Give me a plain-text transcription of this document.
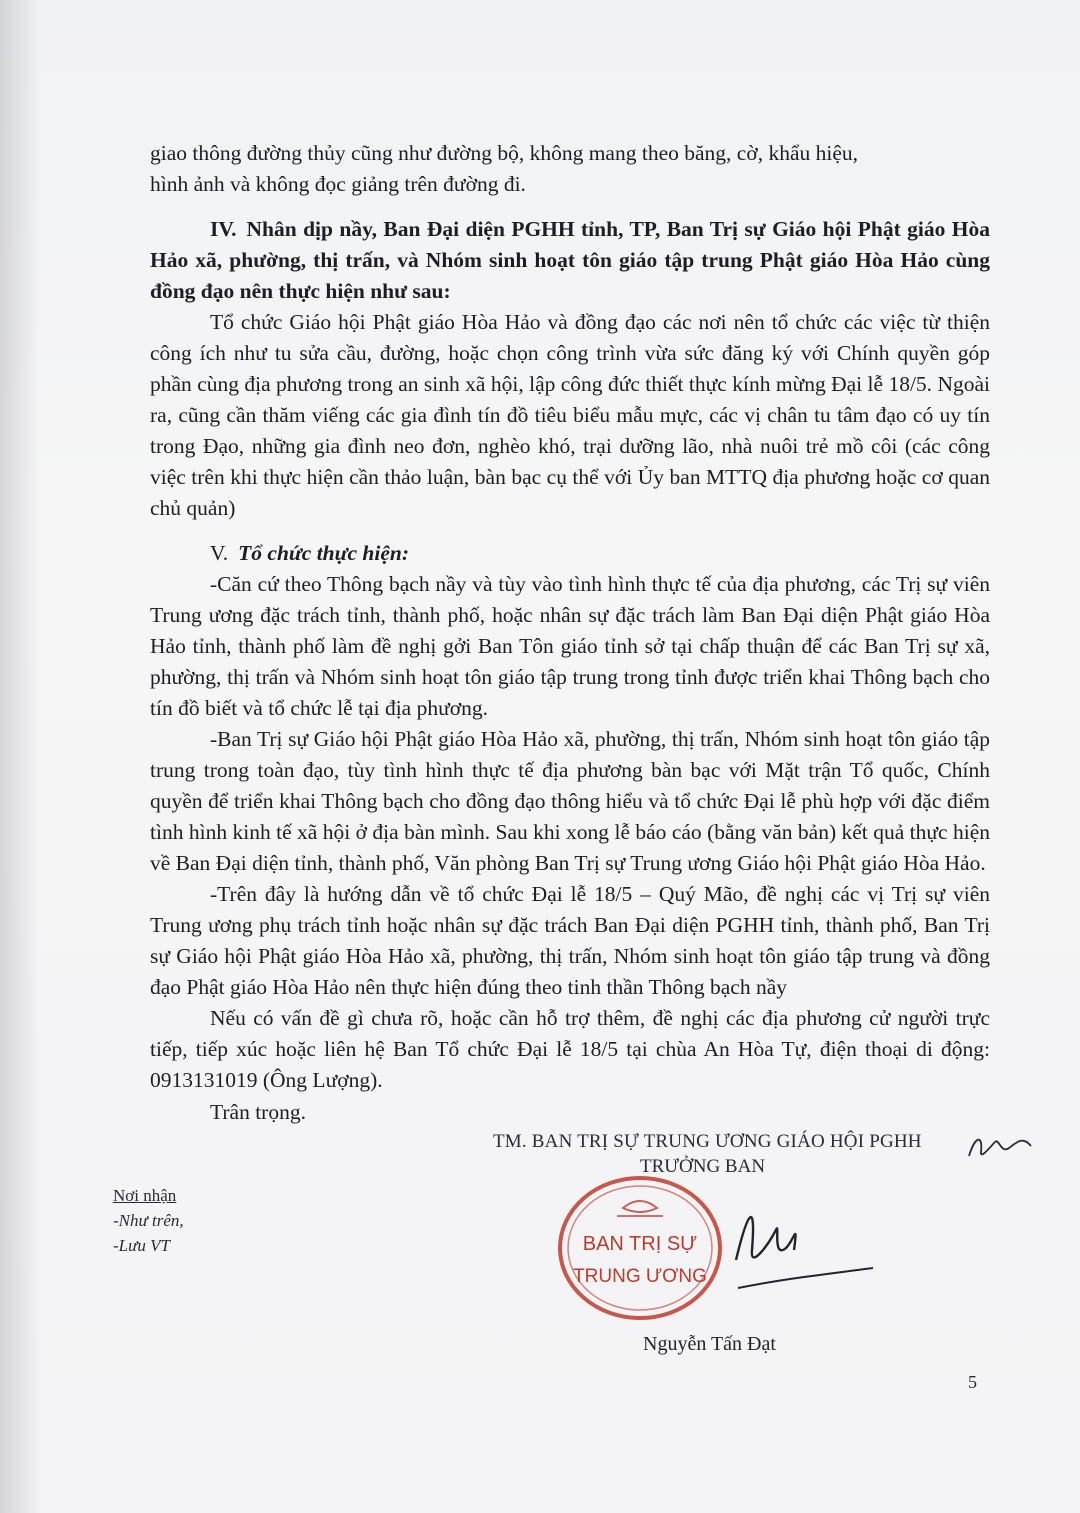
giao thông đường thủy cũng như đường bộ, không mang theo băng, cờ, khẩu hiệu,

hình ảnh và không đọc giảng trên đường đi.

IV. Nhân dịp nầy, Ban Đại diện PGHH tỉnh, TP, Ban Trị sự Giáo hội Phật giáo Hòa Hảo xã, phường, thị trấn, và Nhóm sinh hoạt tôn giáo tập trung Phật giáo Hòa Hảo cùng đồng đạo nên thực hiện như sau:

Tổ chức Giáo hội Phật giáo Hòa Hảo và đồng đạo các nơi nên tổ chức các việc từ thiện công ích như tu sửa cầu, đường, hoặc chọn công trình vừa sức đăng ký với Chính quyền góp phần cùng địa phương trong an sinh xã hội, lập công đức thiết thực kính mừng Đại lễ 18/5. Ngoài ra, cũng cần thăm viếng các gia đình tín đồ tiêu biểu mẫu mực, các vị chân tu tâm đạo có uy tín trong Đạo, những gia đình neo đơn, nghèo khó, trại dưỡng lão, nhà nuôi trẻ mồ côi (các công việc trên khi thực hiện cần thảo luận, bàn bạc cụ thể với Ủy ban MTTQ địa phương hoặc cơ quan chủ quản)

V. Tổ chức thực hiện:

-Căn cứ theo Thông bạch nầy và tùy vào tình hình thực tế của địa phương, các Trị sự viên Trung ương đặc trách tỉnh, thành phố, hoặc nhân sự đặc trách làm Ban Đại diện Phật giáo Hòa Hảo tỉnh, thành phố làm đề nghị gởi Ban Tôn giáo tỉnh sở tại chấp thuận để các Ban Trị sự xã, phường, thị trấn và Nhóm sinh hoạt tôn giáo tập trung trong tỉnh được triển khai Thông bạch cho tín đồ biết và tổ chức lễ tại địa phương.

-Ban Trị sự Giáo hội Phật giáo Hòa Hảo xã, phường, thị trấn, Nhóm sinh hoạt tôn giáo tập trung trong toàn đạo, tùy tình hình thực tế địa phương bàn bạc với Mặt trận Tổ quốc, Chính quyền để triển khai Thông bạch cho đồng đạo thông hiểu và tổ chức Đại lễ phù hợp với đặc điểm tình hình kinh tế xã hội ở địa bàn mình. Sau khi xong lễ báo cáo (bằng văn bản) kết quả thực hiện về Ban Đại diện tỉnh, thành phố, Văn phòng Ban Trị sự Trung ương Giáo hội Phật giáo Hòa Hảo.

-Trên đây là hướng dẫn về tổ chức Đại lễ 18/5 – Quý Mão, đề nghị các vị Trị sự viên Trung ương phụ trách tỉnh hoặc nhân sự đặc trách Ban Đại diện PGHH tỉnh, thành phố, Ban Trị sự Giáo hội Phật giáo Hòa Hảo xã, phường, thị trấn, Nhóm sinh hoạt tôn giáo tập trung và đồng đạo Phật giáo Hòa Hảo nên thực hiện đúng theo tinh thần Thông bạch nầy

Nếu có vấn đề gì chưa rõ, hoặc cần hỗ trợ thêm, đề nghị các địa phương cử người trực tiếp, tiếp xúc hoặc liên hệ Ban Tổ chức Đại lễ 18/5 tại chùa An Hòa Tự, điện thoại di động: 0913131019 (Ông Lượng).

Trân trọng.
TM. BAN TRỊ SỰ TRUNG ƯƠNG GIÁO HỘI PGHH
TRƯỞNG BAN
Nơi nhận
-Như trên,
-Lưu VT	BAN TRỊ SỰ
TRUNG ƯƠNG
Nguyễn Tấn Đạt
5
